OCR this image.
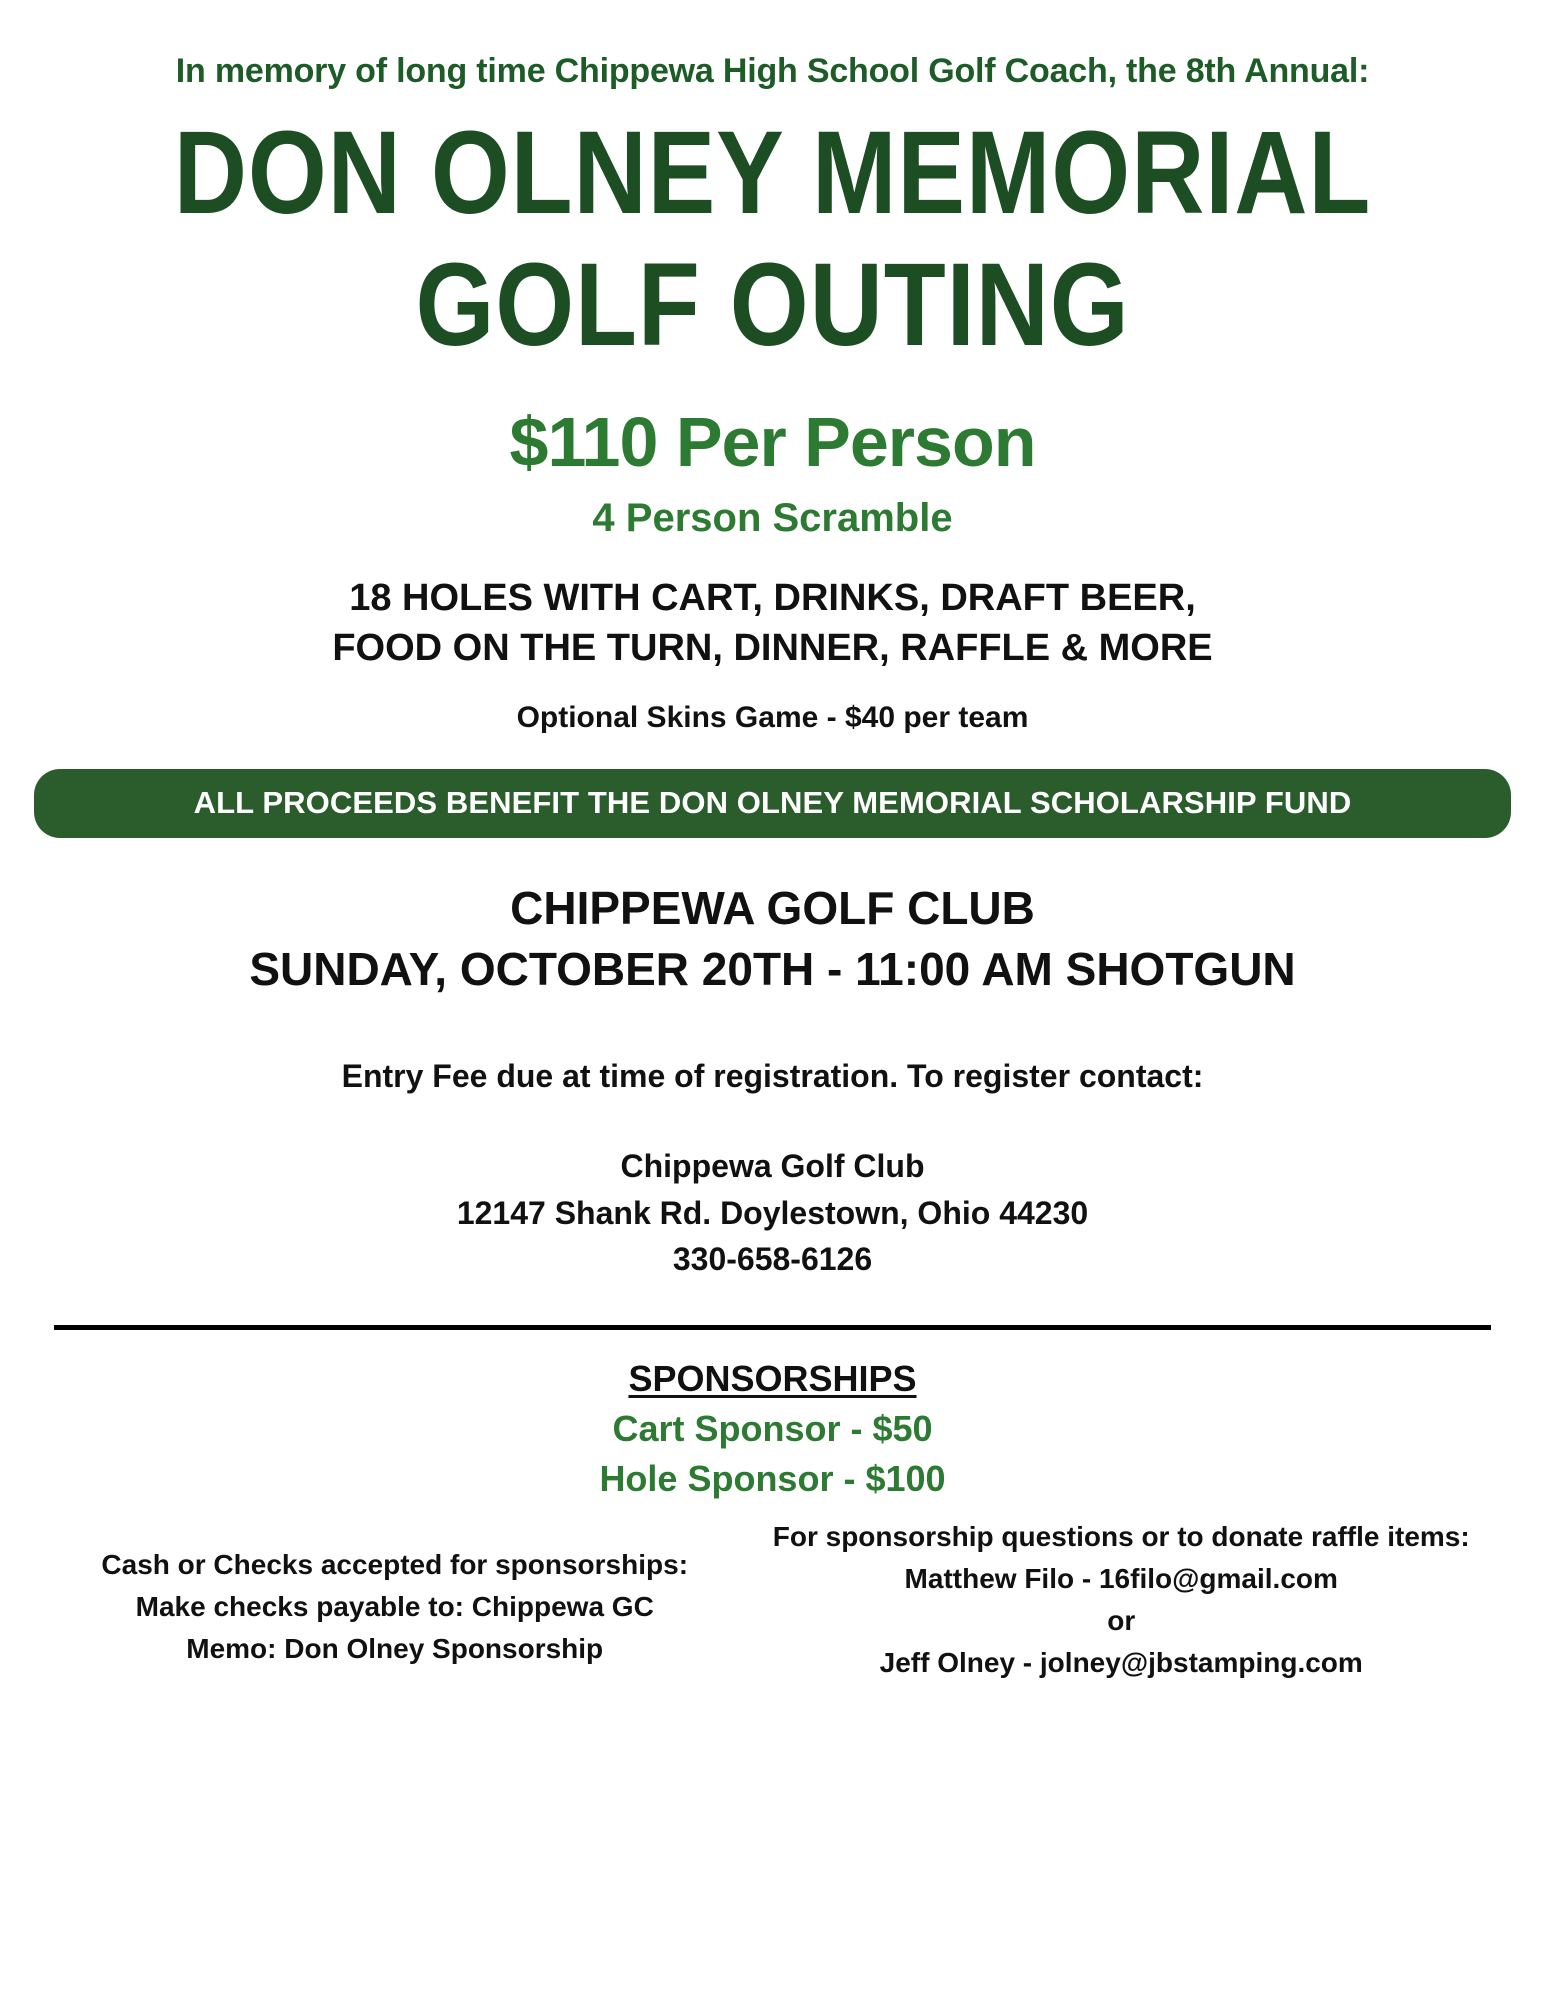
In memory of long time Chippewa High School Golf Coach, the 8th Annual:
DON OLNEY MEMORIAL
GOLF OUTING
$110 Per Person
4 Person Scramble
18 HOLES WITH CART, DRINKS, DRAFT BEER,
FOOD ON THE TURN, DINNER, RAFFLE & MORE
Optional Skins Game - $40 per team
ALL PROCEEDS BENEFIT THE DON OLNEY MEMORIAL SCHOLARSHIP FUND
CHIPPEWA GOLF CLUB
SUNDAY, OCTOBER 20TH - 11:00 AM SHOTGUN
Entry Fee due at time of registration. To register contact:
Chippewa Golf Club
12147 Shank Rd. Doylestown, Ohio 44230
330-658-6126
SPONSORSHIPS
Cart Sponsor - $50
Hole Sponsor - $100
Cash or Checks accepted for sponsorships:
Make checks payable to: Chippewa GC
Memo: Don Olney Sponsorship
For sponsorship questions or to donate raffle items:
Matthew Filo - 16filo@gmail.com
or
Jeff Olney - jolney@jbstamping.com
